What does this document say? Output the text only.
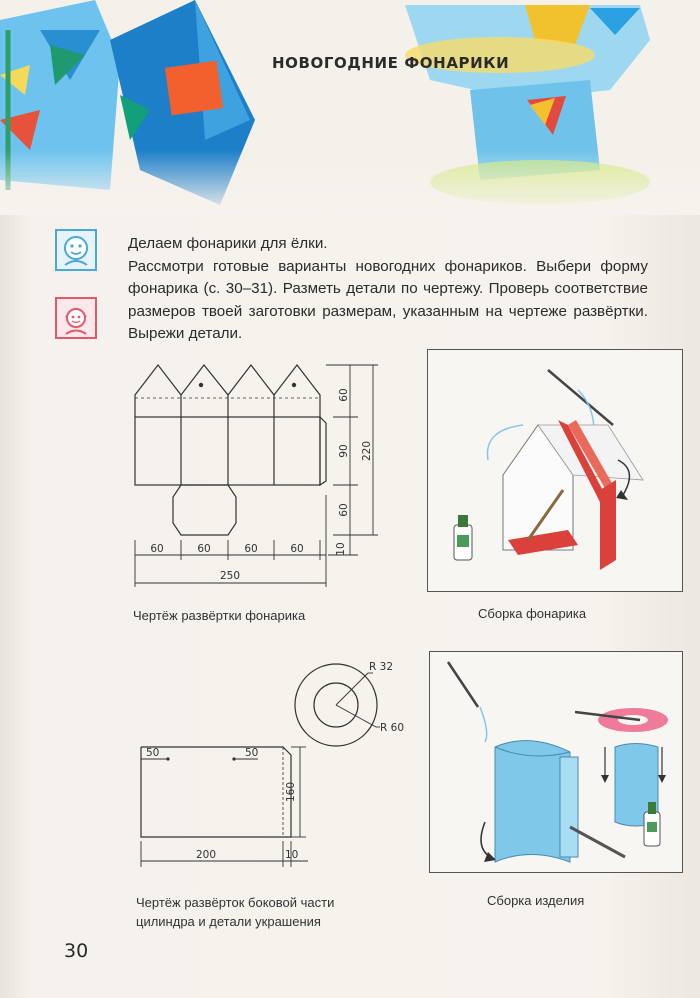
НОВОГОДНИЕ ФОНАРИКИ

Делаем фонарики для ёлки.

Рассмотри готовые варианты новогодних фонариков. Выбери форму фонарика (с. 30–31). Разметь детали по чертежу. Проверь соответствие размеров твоей заготовки размерам, указанным на чертеже развёртки. Вырежи детали.

60
90
60
220
10
60	60	60	60
250
Чертёж развёртки фонарика	Сборка фонарика
R 32
R 60
50	50
160
200	10
Чертёж развёрток боковой части
цилиндра и детали украшения
Сборка изделия
30
